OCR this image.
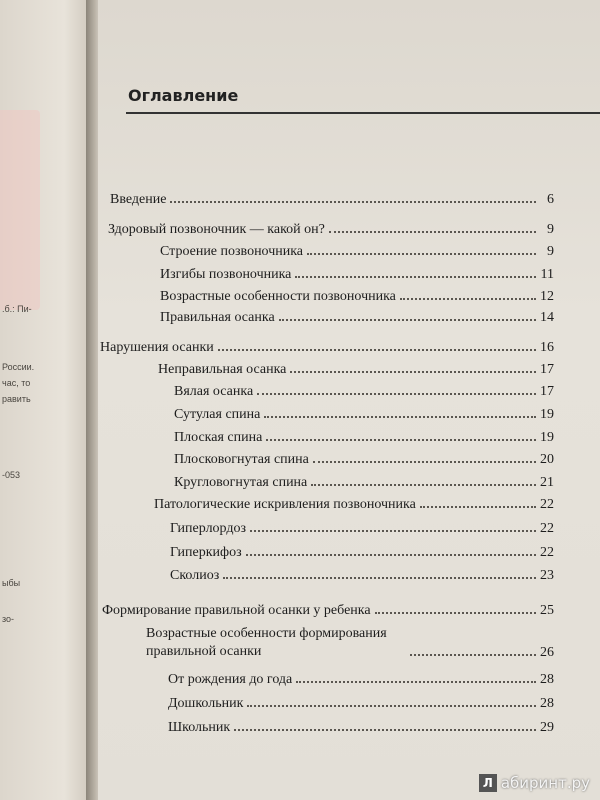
.б.: Пи-
России.
час, то
равить
-053
ыбы
зо-
Оглавление
Введение	6
Здоровый позвоночник — какой он?	9
Строение позвоночника	9
Изгибы позвоночника	11
Возрастные особенности позвоночника	12
Правильная осанка	14
Нарушения осанки	16
Неправильная осанка	17
Вялая осанка	17
Сутулая спина	19
Плоская спина	19
Плосковогнутая спина	20
Кругловогнутая спина	21
Патологические искривления позвоночника	22
Гиперлордоз	22
Гиперкифоз	22
Сколиоз	23
Формирование правильной осанки у ребенка	25
Возрастные особенности формирования правильной осанки	26
От рождения до года	28
Дошкольник	28
Школьник	29
Л абиринт.ру
